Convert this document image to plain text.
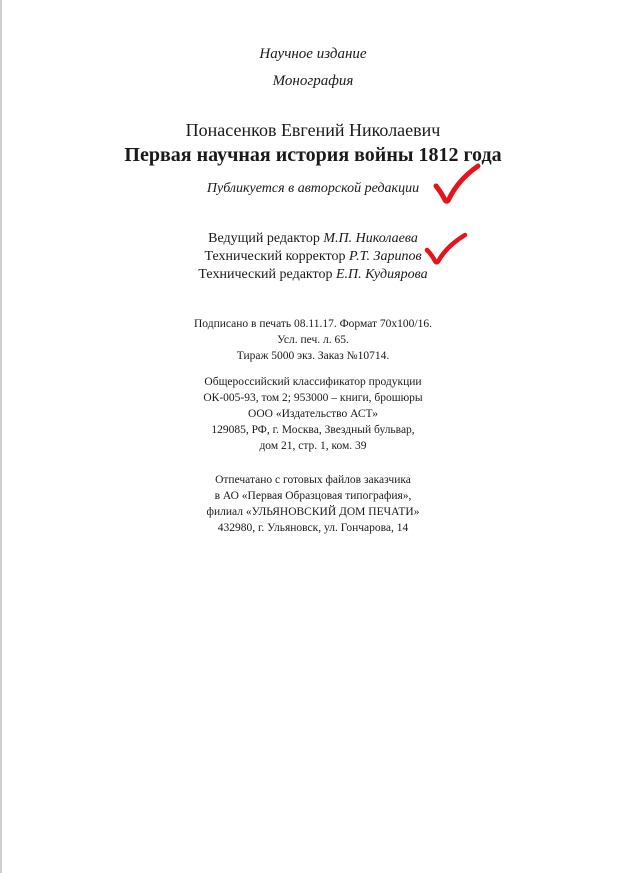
Научное издание
Монография
Понасенков Евгений Николаевич
Первая научная история войны 1812 года
Публикуется в авторской редакции
Ведущий редактор М.П. Николаева
Технический корректор Р.Т. Зарипов
Технический редактор Е.П. Кудиярова
Подписано в печать 08.11.17. Формат 70х100/16.
Усл. печ. л. 65.
Тираж 5000 экз. Заказ №10714.
Общероссийский классификатор продукции
ОК-005-93, том 2; 953000 – книги, брошюры
ООО «Издательство АСТ»
129085, РФ, г. Москва, Звездный бульвар,
дом 21, стр. 1, ком. 39
Отпечатано с готовых файлов заказчика
в АО «Первая Образцовая типография»,
филиал «УЛЬЯНОВСКИЙ ДОМ ПЕЧАТИ»
432980, г. Ульяновск, ул. Гончарова, 14
